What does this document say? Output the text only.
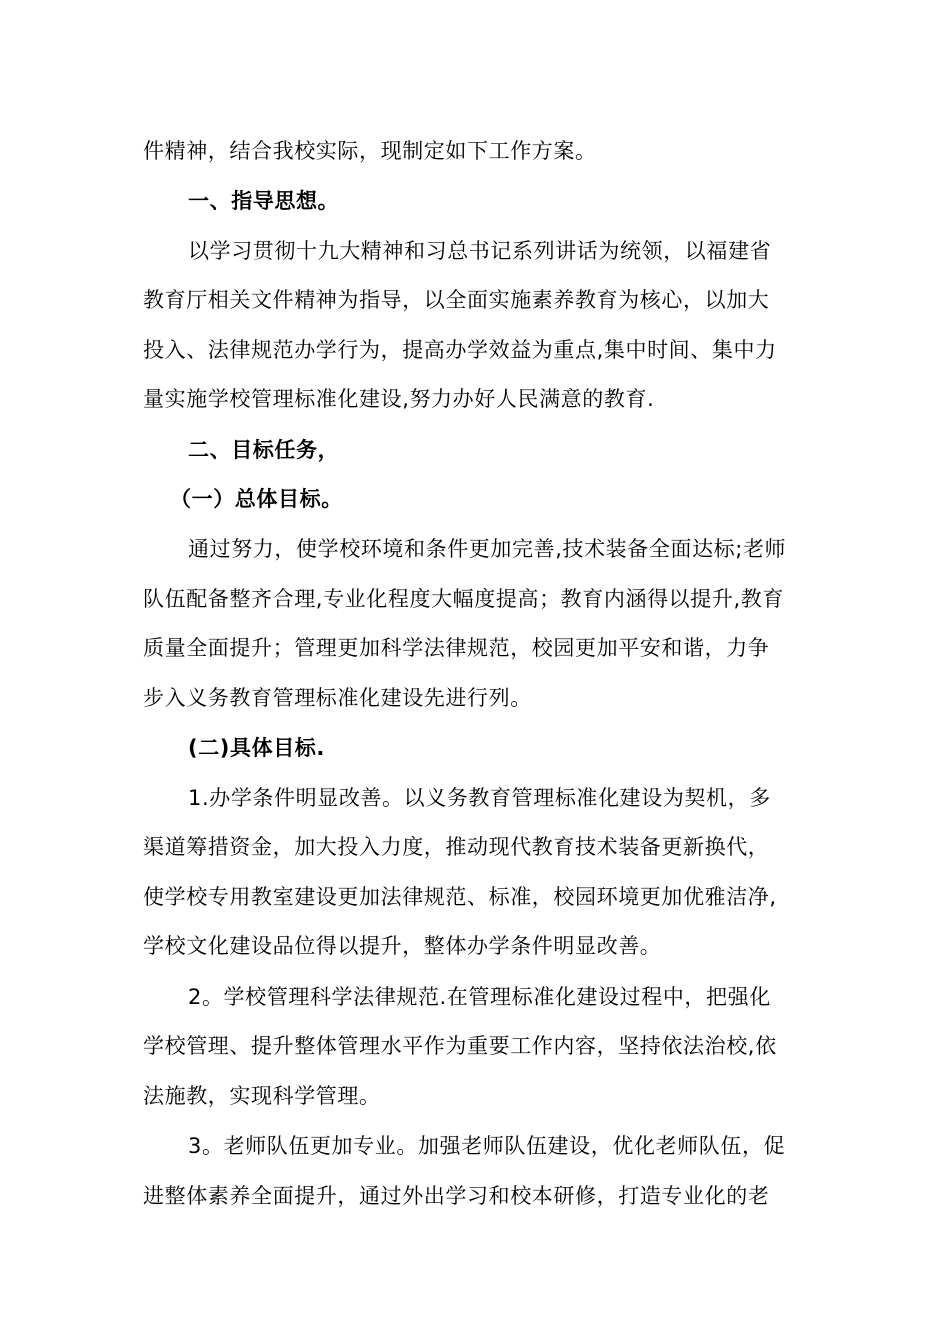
件精神，结合我校实际，现制定如下工作方案。
一、指导思想。
以学习贯彻十九大精神和习总书记系列讲话为统领，以福建省
教育厅相关文件精神为指导，以全面实施素养教育为核心，以加大
投入、法律规范办学行为，提高办学效益为重点,集中时间、集中力
量实施学校管理标准化建设,努力办好人民满意的教育.
二、目标任务，
（一）总体目标。
通过努力，使学校环境和条件更加完善,技术装备全面达标;老师
队伍配备整齐合理,专业化程度大幅度提高；教育内涵得以提升,教育
质量全面提升；管理更加科学法律规范，校园更加平安和谐，力争
步入义务教育管理标准化建设先进行列。
(二)具体目标.
1.办学条件明显改善。以义务教育管理标准化建设为契机，多
渠道筹措资金，加大投入力度，推动现代教育技术装备更新换代，
使学校专用教室建设更加法律规范、标准，校园环境更加优雅洁净,
学校文化建设品位得以提升，整体办学条件明显改善。
2。学校管理科学法律规范.在管理标准化建设过程中，把强化
学校管理、提升整体管理水平作为重要工作内容，坚持依法治校,依
法施教，实现科学管理。
3。老师队伍更加专业。加强老师队伍建设，优化老师队伍，促
进整体素养全面提升，通过外出学习和校本研修，打造专业化的老
